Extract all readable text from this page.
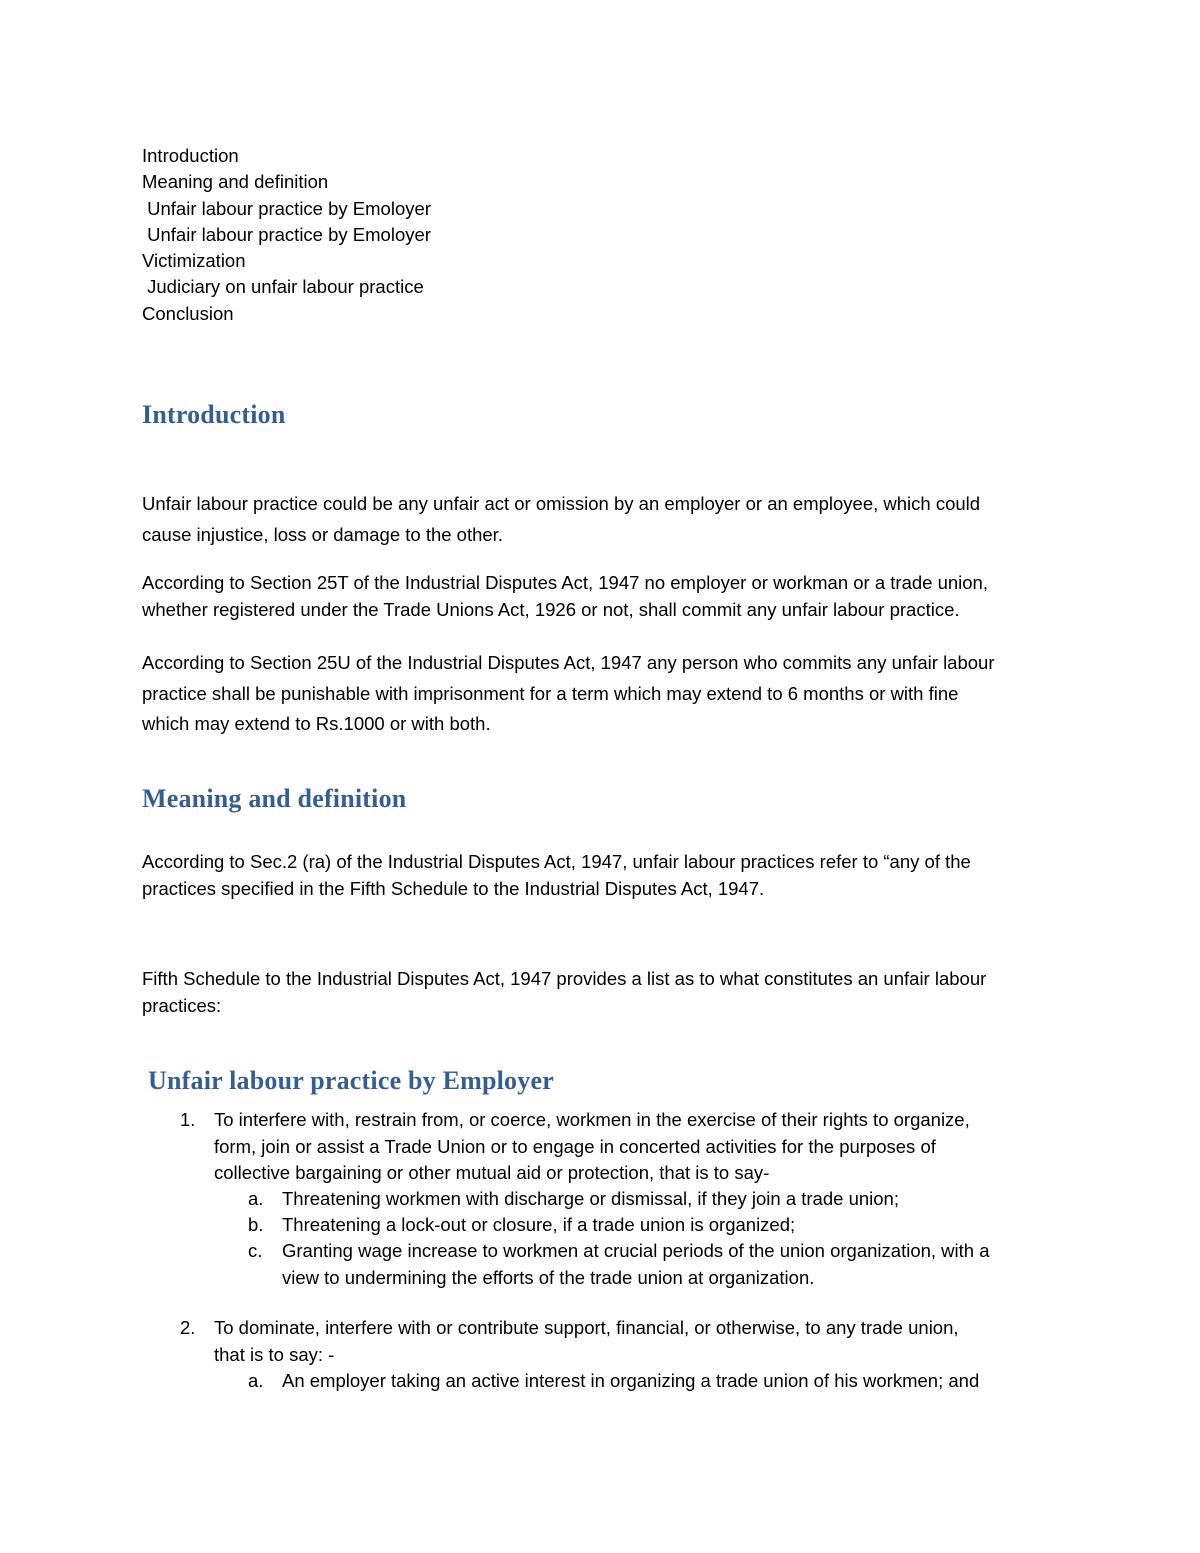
Introduction
Meaning and definition
Unfair labour practice by Emoloyer
Unfair labour practice by Emoloyer
Victimization
Judiciary on unfair labour practice
Conclusion
Introduction

Unfair labour practice could be any unfair act or omission by an employer or an employee, which could
cause injustice, loss or damage to the other.

According to Section 25T of the Industrial Disputes Act, 1947 no employer or workman or a trade union,
whether registered under the Trade Unions Act, 1926 or not, shall commit any unfair labour practice.

According to Section 25U of the Industrial Disputes Act, 1947 any person who commits any unfair labour
practice shall be punishable with imprisonment for a term which may extend to 6 months or with fine
which may extend to Rs.1000 or with both.

Meaning and definition

According to Sec.2 (ra) of the Industrial Disputes Act, 1947, unfair labour practices refer to “any of the
practices specified in the Fifth Schedule to the Industrial Disputes Act, 1947.

Fifth Schedule to the Industrial Disputes Act, 1947 provides a list as to what constitutes an unfair labour
practices:

Unfair labour practice by Employer
1.	To interfere with, restrain from, or coerce, workmen in the exercise of their rights to organize,
form, join or assist a Trade Union or to engage in concerted activities for the purposes of
collective bargaining or other mutual aid or protection, that is to say-
a.	Threatening workmen with discharge or dismissal, if they join a trade union;
b.	Threatening a lock-out or closure, if a trade union is organized;
c.	Granting wage increase to workmen at crucial periods of the union organization, with a
view to undermining the efforts of the trade union at organization.
2.	To dominate, interfere with or contribute support, financial, or otherwise, to any trade union,
that is to say: -
a.	An employer taking an active interest in organizing a trade union of his workmen; and
